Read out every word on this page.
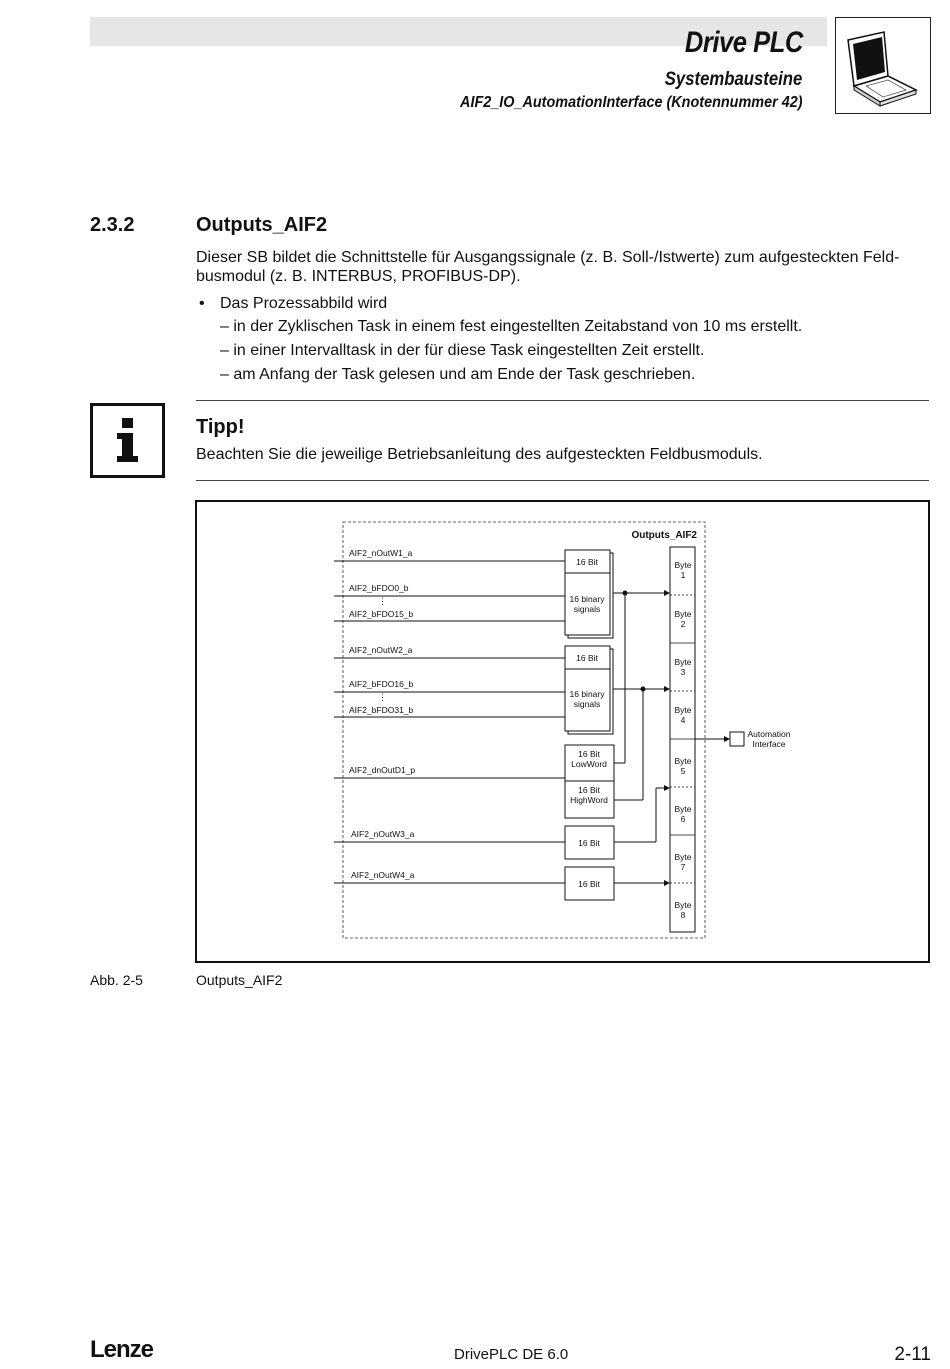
Drive PLC
Systembausteine
AIF2_IO_AutomationInterface (Knotennummer 42)
2.3.2	Outputs_AIF2
Dieser SB bildet die Schnittstelle für Ausgangssignale (z. B. Soll-/Istwerte) zum aufgesteckten Feld-
busmodul (z. B. INTERBUS, PROFIBUS-DP).
• Das Prozessabbild wird
– in der Zyklischen Task in einem fest eingestellten Zeitabstand von 10 ms erstellt.
– in einer Intervalltask in der für diese Task eingestellten Zeit erstellt.
– am Anfang der Task gelesen und am Ende der Task geschrieben.
Tipp!
Beachten Sie die jeweilige Betriebsanleitung des aufgesteckten Feldbusmoduls.
Outputs_AIF2
AIF2_nOutW1_a
AIF2_bFDO0_b
AIF2_bFDO15_b
AIF2_nOutW2_a
AIF2_bFDO16_b
AIF2_bFDO31_b
AIF2_dnOutD1_p
AIF2_nOutW3_a
AIF2_nOutW4_a
⋮
⋮
16 Bit
16 binary
signals
16 Bit
16 binary
signals
16 Bit
LowWord
16 Bit
HighWord
16 Bit
16 Bit
Byte
1
Byte
2
Byte
3
Byte
4
Byte
5
Byte
6
Byte
7
Byte
8
Automation
Interface
Abb. 2-5	Outputs_AIF2
Lenze	DrivePLC DE 6.0	2-11
